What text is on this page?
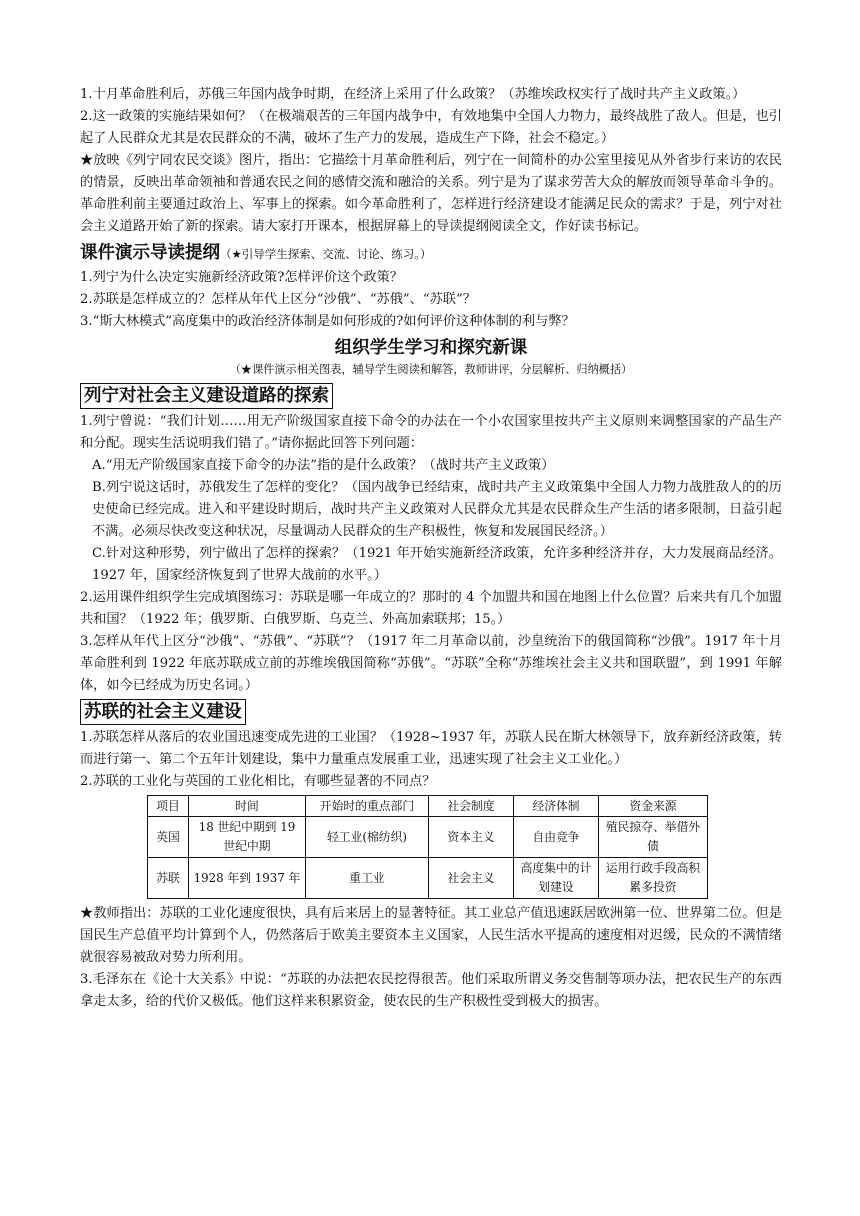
1.十月革命胜利后，苏俄三年国内战争时期，在经济上采用了什么政策？（苏维埃政权实行了战时共产主义政策。）

2.这一政策的实施结果如何？（在极端艰苦的三年国内战争中，有效地集中全国人力物力，最终战胜了敌人。但是，也引起了人民群众尤其是农民群众的不满，破坏了生产力的发展，造成生产下降，社会不稳定。）

★放映《列宁同农民交谈》图片，指出：它描绘十月革命胜利后，列宁在一间简朴的办公室里接见从外省步行来访的农民的情景，反映出革命领袖和普通农民之间的感情交流和融洽的关系。列宁是为了谋求劳苦大众的解放而领导革命斗争的。革命胜利前主要通过政治上、军事上的探索。如今革命胜利了，怎样进行经济建设才能满足民众的需求？于是，列宁对社会主义道路开始了新的探索。请大家打开课本，根据屏幕上的导读提纲阅读全文，作好读书标记。

课件演示导读提纲（★引导学生探索、交流、讨论、练习。）

1.列宁为什么决定实施新经济政策?怎样评价这个政策？

2.苏联是怎样成立的？怎样从年代上区分“沙俄”、“苏俄”、“苏联”？

3.“斯大林模式”高度集中的政治经济体制是如何形成的?如何评价这种体制的利与弊？

组织学生学习和探究新课
（★课件演示相关图表，辅导学生阅读和解答，教师讲评，分层解析、归纳概括）
列宁对社会主义建设道路的探索

1.列宁曾说：“我们计划……用无产阶级国家直接下命令的办法在一个小农国家里按共产主义原则来调整国家的产品生产和分配。现实生活说明我们错了。”请你据此回答下列问题：

A.“用无产阶级国家直接下命令的办法”指的是什么政策？（战时共产主义政策）

B.列宁说这话时，苏俄发生了怎样的变化？（国内战争已经结束，战时共产主义政策集中全国人力物力战胜敌人的的历史使命已经完成。进入和平建设时期后，战时共产主义政策对人民群众尤其是农民群众生产生活的诸多限制，日益引起不满。必须尽快改变这种状况，尽量调动人民群众的生产积极性，恢复和发展国民经济。）

C.针对这种形势，列宁做出了怎样的探索？（1921 年开始实施新经济政策，允许多种经济并存，大力发展商品经济。1927 年，国家经济恢复到了世界大战前的水平。）

2.运用课件组织学生完成填图练习：苏联是哪一年成立的？那时的 4 个加盟共和国在地图上什么位置？后来共有几个加盟共和国？（1922 年；俄罗斯、白俄罗斯、乌克兰、外高加索联邦；15。）

3.怎样从年代上区分“沙俄”、“苏俄”、“苏联”？（1917 年二月革命以前，沙皇统治下的俄国简称“沙俄”。1917 年十月革命胜利到 1922 年底苏联成立前的苏维埃俄国简称“苏俄”。“苏联”全称“苏维埃社会主义共和国联盟”，到 1991 年解体，如今已经成为历史名词。）

苏联的社会主义建设

1.苏联怎样从落后的农业国迅速变成先进的工业国？（1928~1937 年，苏联人民在斯大林领导下，放弃新经济政策，转而进行第一、第二个五年计划建设，集中力量重点发展重工业，迅速实现了社会主义工业化。）

2.苏联的工业化与英国的工业化相比，有哪些显著的不同点？

项目	时间	开始时的重点部门	社会制度	经济体制	资金来源
英国	18 世纪中期到 19 世纪中期	轻工业(棉纺织)	资本主义	自由竞争	殖民掠夺、举借外债
苏联	1928 年到 1937 年	重工业	社会主义	高度集中的计划建设	运用行政手段高积累多投资

★教师指出：苏联的工业化速度很快，具有后来居上的显著特征。其工业总产值迅速跃居欧洲第一位、世界第二位。但是国民生产总值平均计算到个人，仍然落后于欧美主要资本主义国家，人民生活水平提高的速度相对迟缓，民众的不满情绪就很容易被敌对势力所利用。

3.毛泽东在《论十大关系》中说：“苏联的办法把农民挖得很苦。他们采取所谓义务交售制等项办法，把农民生产的东西拿走太多，给的代价又极低。他们这样来积累资金，使农民的生产积极性受到极大的损害。
